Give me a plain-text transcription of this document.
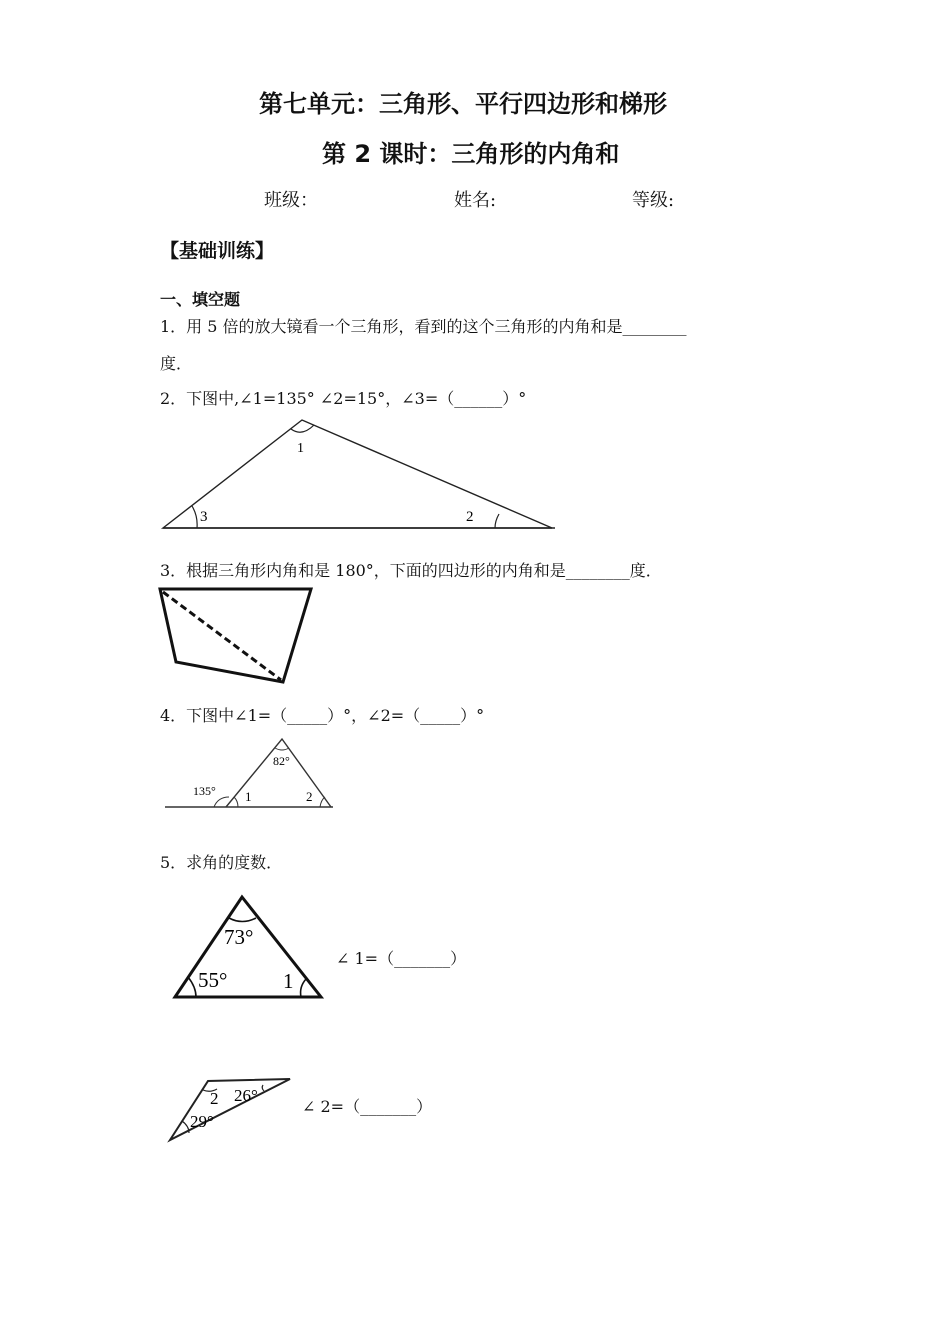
第七单元：三角形、平行四边形和梯形
第 2 课时：三角形的内角和
班级：	姓名:	等级:
【基础训练】
一、填空题
1．用 5 倍的放大镜看一个三角形，看到的这个三角形的内角和是________
度．
2．下图中,∠1=135° ∠2=15°，∠3=（______）°
1
3	2
3．根据三角形内角和是 180°，下面的四边形的内角和是________度．
4．下图中∠1=（_____）°，∠2=（_____）°
82°
135° 1	2
5．求角的度数．
73°
55°	1
∠ 1=（_______）
2 26°
29°
∠ 2=（_______）
